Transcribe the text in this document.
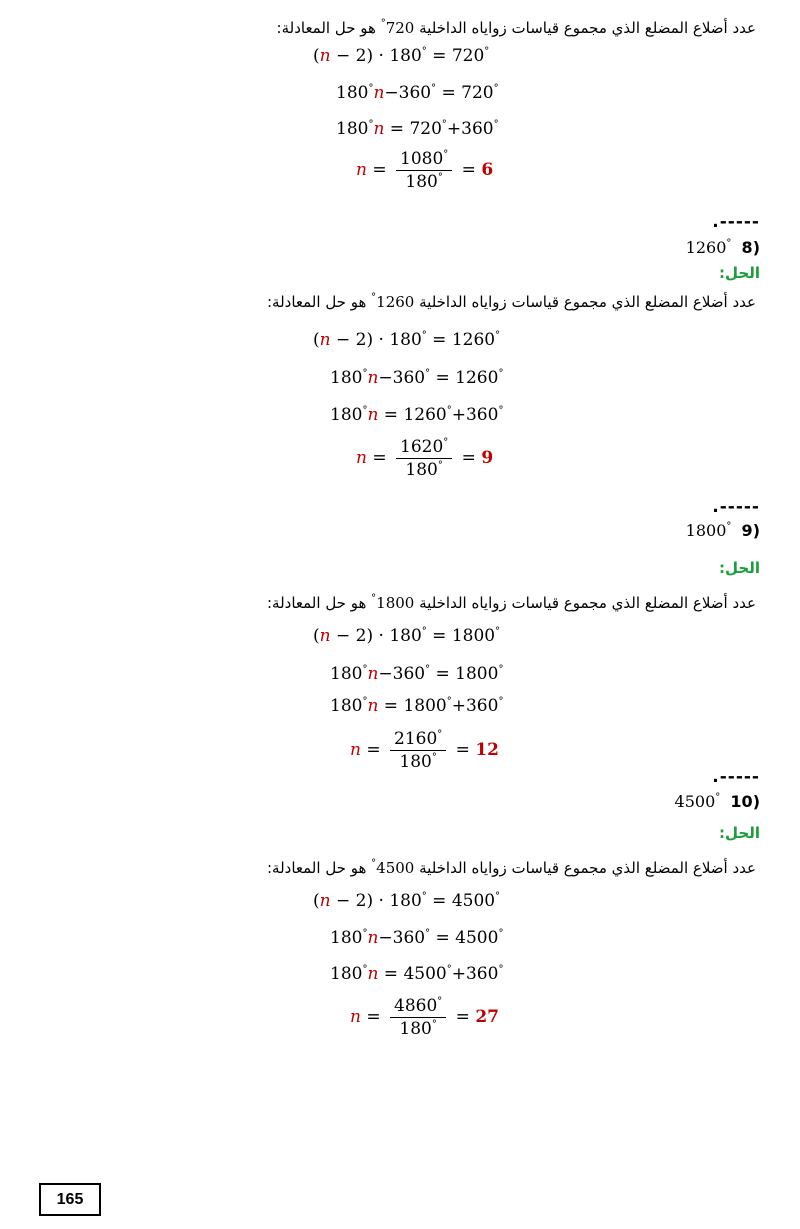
عدد أضلاع المضلع الذي مجموع قياسات زواياه الداخلية 720° هو حل المعادلة:
(n − 2) · 180° = 720°
180°n−360° = 720°
180°n = 720°+360°
$n = \frac{1080^\circ}{180^\circ} = 6$
.-----
1260° 8)
الحل:
عدد أضلاع المضلع الذي مجموع قياسات زواياه الداخلية 1260° هو حل المعادلة:
(n − 2) · 180° = 1260°
180°n−360° = 1260°
180°n = 1260°+360°
$n = \frac{1620^\circ}{180^\circ} = 9$
.-----
1800° 9)
الحل:
عدد أضلاع المضلع الذي مجموع قياسات زواياه الداخلية 1800° هو حل المعادلة:
(n − 2) · 180° = 1800°
180°n−360° = 1800°
180°n = 1800°+360°
$n = \frac{2160^\circ}{180^\circ} = 12$
.-----
4500° 10)
الحل:
عدد أضلاع المضلع الذي مجموع قياسات زواياه الداخلية 4500° هو حل المعادلة:
(n − 2) · 180° = 4500°
180°n−360° = 4500°
180°n = 4500°+360°
$n = \frac{4860^\circ}{180^\circ} = 27$
165
